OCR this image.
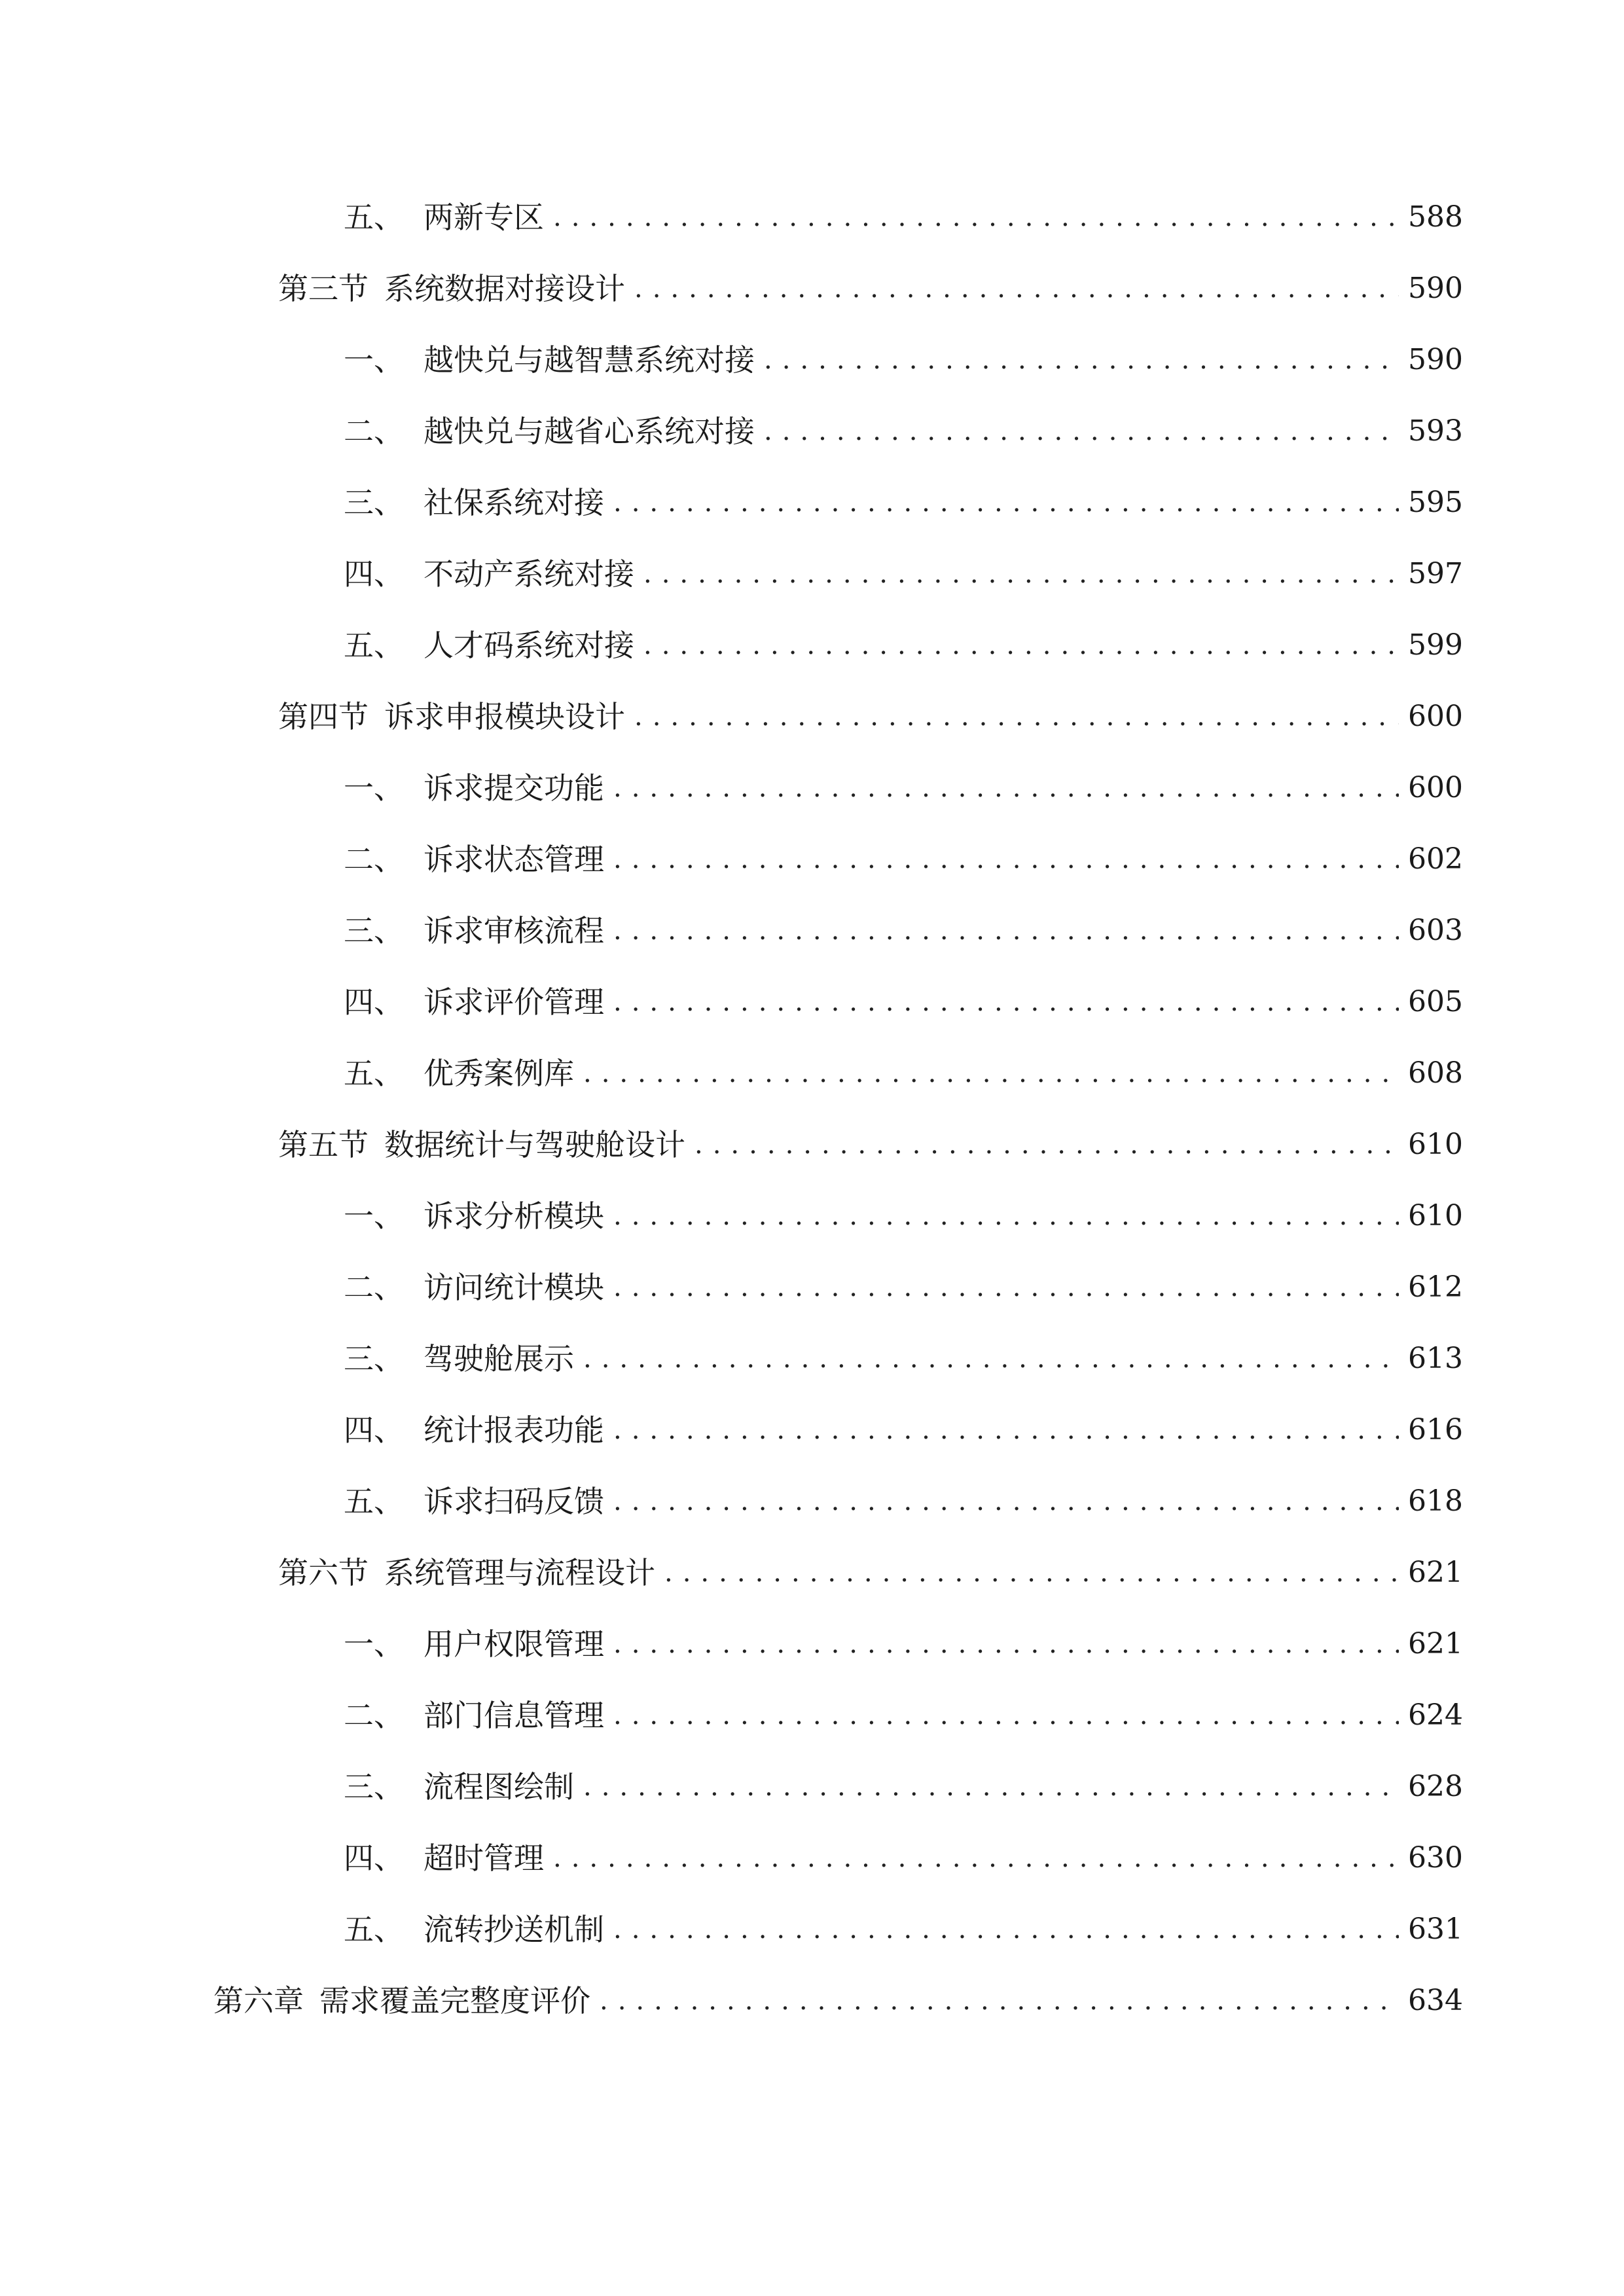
五、 两新专区 .....	588
第三节 系统数据对接设计 .....	590
一、 越快兑与越智慧系统对接 .....	590
二、 越快兑与越省心系统对接 .....	593
三、 社保系统对接 .....	595
四、 不动产系统对接 .....	597
五、 人才码系统对接 .....	599
第四节 诉求申报模块设计 .....	600
一、 诉求提交功能 .....	600
二、 诉求状态管理 .....	602
三、 诉求审核流程 .....	603
四、 诉求评价管理 .....	605
五、 优秀案例库 .....	608
第五节 数据统计与驾驶舱设计 .....	610
一、 诉求分析模块 .....	610
二、 访问统计模块 .....	612
三、 驾驶舱展示 .....	613
四、 统计报表功能 .....	616
五、 诉求扫码反馈 .....	618
第六节 系统管理与流程设计 .....	621
一、 用户权限管理 .....	621
二、 部门信息管理 .....	624
三、 流程图绘制 .....	628
四、 超时管理 .....	630
五、 流转抄送机制 .....	631
第六章 需求覆盖完整度评价 .....	634
